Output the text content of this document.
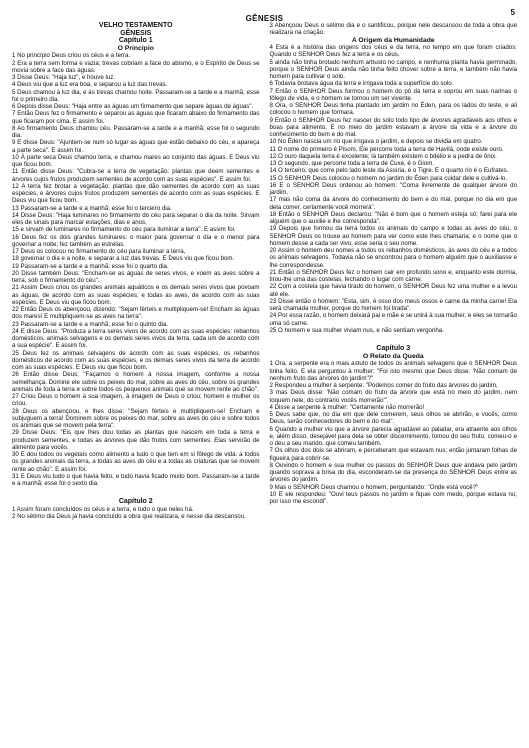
GÊNESIS
5
VELHO TESTAMENTO
GÊNESIS
Capítulo 1
O Princípio

1 No princípio Deus criou os céus e a terra.

2 Era a terra sem forma e vazia; trevas cobriam a face do abismo, e o Espírito de Deus se movia sobre a face das águas.

3 Disse Deus: "Haja luz", e houve luz.

4 Deus viu que a luz era boa, e separou a luz das trevas.

5 Deus chamou à luz dia, e às trevas chamou noite. Passaram-se a tarde e a manhã; esse foi o primeiro dia.

6 Depois disse Deus: "Haja entre as águas um firmamento que separe águas de águas".

7 Então Deus fez o firmamento e separou as águas que ficaram abaixo do firmamento das que ficaram por cima. E assim foi.

8 Ao firmamento Deus chamou céu. Passaram-se a tarde e a manhã; esse foi o segundo dia.

9 E disse Deus: "Ajuntem-se num só lugar as águas que estão debaixo do céu, e apareça a parte seca". E assim foi.

10 À parte seca Deus chamou terra, e chamou mares ao conjunto das águas. E Deus viu que ficou bom.

11 Então disse Deus: "Cubra-se a terra de vegetação: plantas que deem sementes e árvores cujos frutos produzem sementes de acordo com as suas espécies". E assim foi.

12 A terra fez brotar a vegetação: plantas que dão sementes de acordo com as suas espécies, e árvores cujos frutos produzem sementes de acordo com as suas espécies. E Deus viu que ficou bom.

13 Passaram-se a tarde e a manhã; esse foi o terceiro dia.

14 Disse Deus: "Haja luminares no firmamento do céu para separar o dia da noite. Sirvam eles de sinais para marcar estações, dias e anos,

15 e sirvam de luminares no firmamento do céu para iluminar a terra". E assim foi.

16 Deus fez os dois grandes luminares: o maior para governar o dia e o menor para governar a noite; fez também as estrelas.

17 Deus os colocou no firmamento do céu para iluminar a terra,

18 governar o dia e a noite, e separar a luz das trevas. E Deus viu que ficou bom.

19 Passaram-se a tarde e a manhã; esse foi o quarto dia.

20 Disse também Deus: "Encham-se as águas de seres vivos, e voem as aves sobre a terra, sob o firmamento do céu".

21 Assim Deus criou os grandes animais aquáticos e os demais seres vivos que povoam as águas, de acordo com as suas espécies; e todas as aves, de acordo com as suas espécies. E Deus viu que ficou bom.

22 Então Deus os abençoou, dizendo: "Sejam férteis e multipliquem-se! Encham as águas dos mares! E multipliquem-se as aves na terra".

23 Passaram-se a tarde e a manhã; esse foi o quinto dia.

24 E disse Deus: "Produza a terra seres vivos de acordo com as suas espécies: rebanhos domésticos, animais selvagens e os demais seres vivos da terra, cada um de acordo com a sua espécie". E assim foi.

25 Deus fez os animais selvagens de acordo com as suas espécies, os rebanhos domésticos de acordo com as suas espécies, e os demais seres vivos da terra de acordo com as suas espécies. E Deus viu que ficou bom.

26 Então disse Deus: "Façamos o homem à nossa imagem, conforme a nossa semelhança. Domine ele sobre os peixes do mar, sobre as aves do céu, sobre os grandes animais de toda a terra e sobre todos os pequenos animais que se movem rente ao chão".

27 Criou Deus o homem à sua imagem, à imagem de Deus o criou; homem e mulher os criou.

28 Deus os abençoou, e lhes disse: "Sejam férteis e multipliquem-se! Encham e subjuguem a terra! Dominem sobre os peixes do mar, sobre as aves do céu e sobre todos os animais que se movem pela terra".

29 Disse Deus: "Eis que lhes dou todas as plantas que nascem em toda a terra e produzem sementes, e todas as árvores que dão frutos com sementes. Elas servirão de alimento para vocês.

30 E dou todos os vegetais como alimento a tudo o que tem em si fôlego de vida: a todos os grandes animais da terra, a todas as aves do céu e a todas as criaturas que se movem rente ao chão". E assim foi.

31 E Deus viu tudo o que havia feito, e tudo havia ficado muito bom. Passaram-se a tarde e a manhã; esse foi o sexto dia.

Capítulo 2

1 Assim foram concluídos os céus e a terra, e tudo o que neles há.

2 No sétimo dia Deus já havia concluído a obra que realizara, e nesse dia descansou.

3 Abençoou Deus o sétimo dia e o santificou, porque nele descansou de toda a obra que realizara na criação.

A Origem da Humanidade

4 Esta é a história das origens dos céus e da terra, no tempo em que foram criados: Quando o SENHOR Deus fez a terra e os céus,

5 ainda não tinha brotado nenhum arbusto no campo, e nenhuma planta havia germinado, porque o SENHOR Deus ainda não tinha feito chover sobre a terra, e também não havia homem para cultivar o solo.

6 Todavia brotava água da terra e irrigava toda a superfície do solo.

7 Então o SENHOR Deus formou o homem do pó da terra e soprou em suas narinas o fôlego de vida, e o homem se tornou um ser vivente.

8 Ora, o SENHOR Deus tinha plantado um jardim no Éden, para os lados do leste, e ali colocou o homem que formara.

9 Então o SENHOR Deus fez nascer do solo todo tipo de árvores agradáveis aos olhos e boas para alimento. E no meio do jardim estavam a árvore da vida e a árvore do conhecimento do bem e do mal.

10 No Éden nascia um rio que irrigava o jardim, e depois se dividia em quatro.

11 O nome do primeiro é Pisom. Ele percorre toda a terra de Havilá, onde existe ouro.

12 O ouro daquela terra é excelente; lá também existem o bdélio e a pedra de ônix.

13 O segundo, que percorre toda a terra de Cuxe, é o Giom.

14 O terceiro, que corre pelo lado leste da Assíria, é o Tigre. E o quarto rio é o Eufrates.

15 O SENHOR Deus colocou o homem no jardim do Éden para cuidar dele e cultivá-lo.

16 E o SENHOR Deus ordenou ao homem: "Coma livremente de qualquer árvore do jardim,

17 mas não coma da árvore do conhecimento do bem e do mal, porque no dia em que dela comer, certamente você morrerá".

18 Então o SENHOR Deus declarou: "Não é bom que o homem esteja só; farei para ele alguém que o auxilie e lhe corresponda".

19 Depois que formou da terra todos os animais do campo e todas as aves do céu, o SENHOR Deus os trouxe ao homem para ver como este lhes chamaria; e o nome que o homem desse a cada ser vivo, esse seria o seu nome.

20 Assim o homem deu nomes a todos os rebanhos domésticos, às aves do céu e a todos os animais selvagens. Todavia não se encontrou para o homem alguém que o auxiliasse e lhe correspondesse.

21 Então o SENHOR Deus fez o homem cair em profundo sono e, enquanto este dormia, tirou-lhe uma das costelas, fechando o lugar com carne.

22 Com a costela que havia tirado do homem, o SENHOR Deus fez uma mulher e a levou até ele.

23 Disse então o homem: "Esta, sim, é osso dos meus ossos e carne da minha carne! Ela será chamada mulher, porque do homem foi tirada".

24 Por essa razão, o homem deixará pai e mãe e se unirá à sua mulher, e eles se tornarão uma só carne.

25 O homem e sua mulher viviam nus, e não sentiam vergonha.

Capítulo 3
O Relato da Queda

1 Ora, a serpente era o mais astuto de todos os animais selvagens que o SENHOR Deus tinha feito. E ela perguntou à mulher: "Foi isto mesmo que Deus disse: 'Não comam de nenhum fruto das árvores do jardim'?"

2 Respondeu a mulher à serpente: "Podemos comer do fruto das árvores do jardim,

3 mas Deus disse: 'Não comam do fruto da árvore que está no meio do jardim, nem toquem nele; do contrário vocês morrerão'".

4 Disse a serpente à mulher: "Certamente não morrerão!

5 Deus sabe que, no dia em que dele comerem, seus olhos se abrirão, e vocês, como Deus, serão conhecedores do bem e do mal".

6 Quando a mulher viu que a árvore parecia agradável ao paladar, era atraente aos olhos e, além disso, desejável para dela se obter discernimento, tomou do seu fruto, comeu-o e o deu a seu marido, que comeu também.

7 Os olhos dos dois se abriram, e perceberam que estavam nus; então juntaram folhas de figueira para cobrir-se.

8 Ouvindo o homem e sua mulher os passos do SENHOR Deus que andava pelo jardim quando soprava a brisa do dia, esconderam-se da presença do SENHOR Deus entre as árvores do jardim.

9 Mas o SENHOR Deus chamou o homem, perguntando: "Onde está você?"

10 E ele respondeu: "Ouvi teus passos no jardim e fiquei com medo, porque estava nu; por isso me escondi".
